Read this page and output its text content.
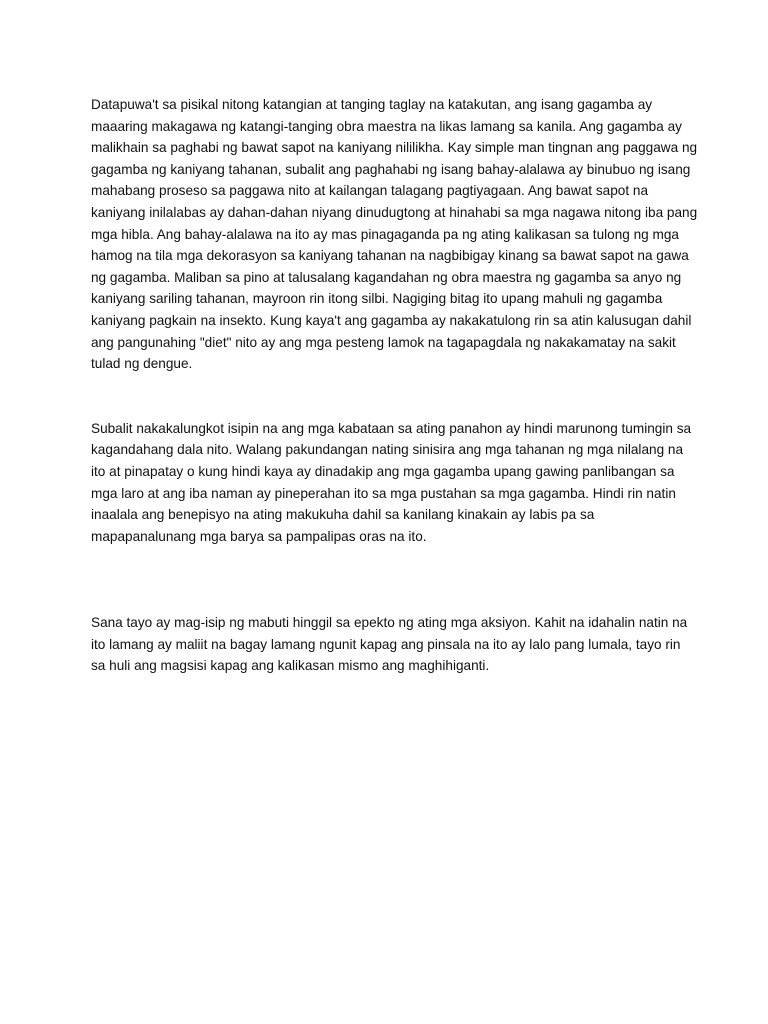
Datapuwa't sa pisikal nitong katangian at tanging taglay na katakutan, ang isang gagamba ay maaaring makagawa ng katangi-tanging obra maestra na likas lamang sa kanila. Ang gagamba ay malikhain sa paghabi ng bawat sapot na kaniyang nililikha. Kay simple man tingnan ang paggawa ng gagamba ng kaniyang tahanan, subalit ang paghahabi ng isang bahay-alalawa ay binubuo ng isang mahabang proseso sa paggawa nito at kailangan talagang pagtiyagaan. Ang bawat sapot na kaniyang inilalabas ay dahan-dahan niyang dinudugtong at hinahabi sa mga nagawa nitong iba pang mga hibla. Ang bahay-alalawa na ito ay mas pinagaganda pa ng ating kalikasan sa tulong ng mga hamog na tila mga dekorasyon sa kaniyang tahanan na nagbibigay kinang sa bawat sapot na gawa ng gagamba. Maliban sa pino at talusalang kagandahan ng obra maestra ng gagamba sa anyo ng kaniyang sariling tahanan, mayroon rin itong silbi. Nagiging bitag ito upang mahuli ng gagamba kaniyang pagkain na insekto. Kung kaya't ang gagamba ay nakakatulong rin sa atin kalusugan dahil ang pangunahing "diet" nito ay ang mga pesteng lamok na tagapagdala ng nakakamatay na sakit tulad ng dengue.

Subalit nakakalungkot isipin na ang mga kabataan sa ating panahon ay hindi marunong tumingin sa kagandahang dala nito. Walang pakundangan nating sinisira ang mga tahanan ng mga nilalang na ito at pinapatay o kung hindi kaya ay dinadakip ang mga gagamba upang gawing panlibangan sa mga laro at ang iba naman ay pineperahan ito sa mga pustahan sa mga gagamba. Hindi rin natin inaalala ang benepisyo na ating makukuha dahil sa kanilang kinakain ay labis pa sa mapapanalunang mga barya sa pampalipas oras na ito.

Sana tayo ay mag-isip ng mabuti hinggil sa epekto ng ating mga aksiyon. Kahit na idahalin natin na ito lamang ay maliit na bagay lamang ngunit kapag ang pinsala na ito ay lalo pang lumala, tayo rin sa huli ang magsisi kapag ang kalikasan mismo ang maghihiganti.
